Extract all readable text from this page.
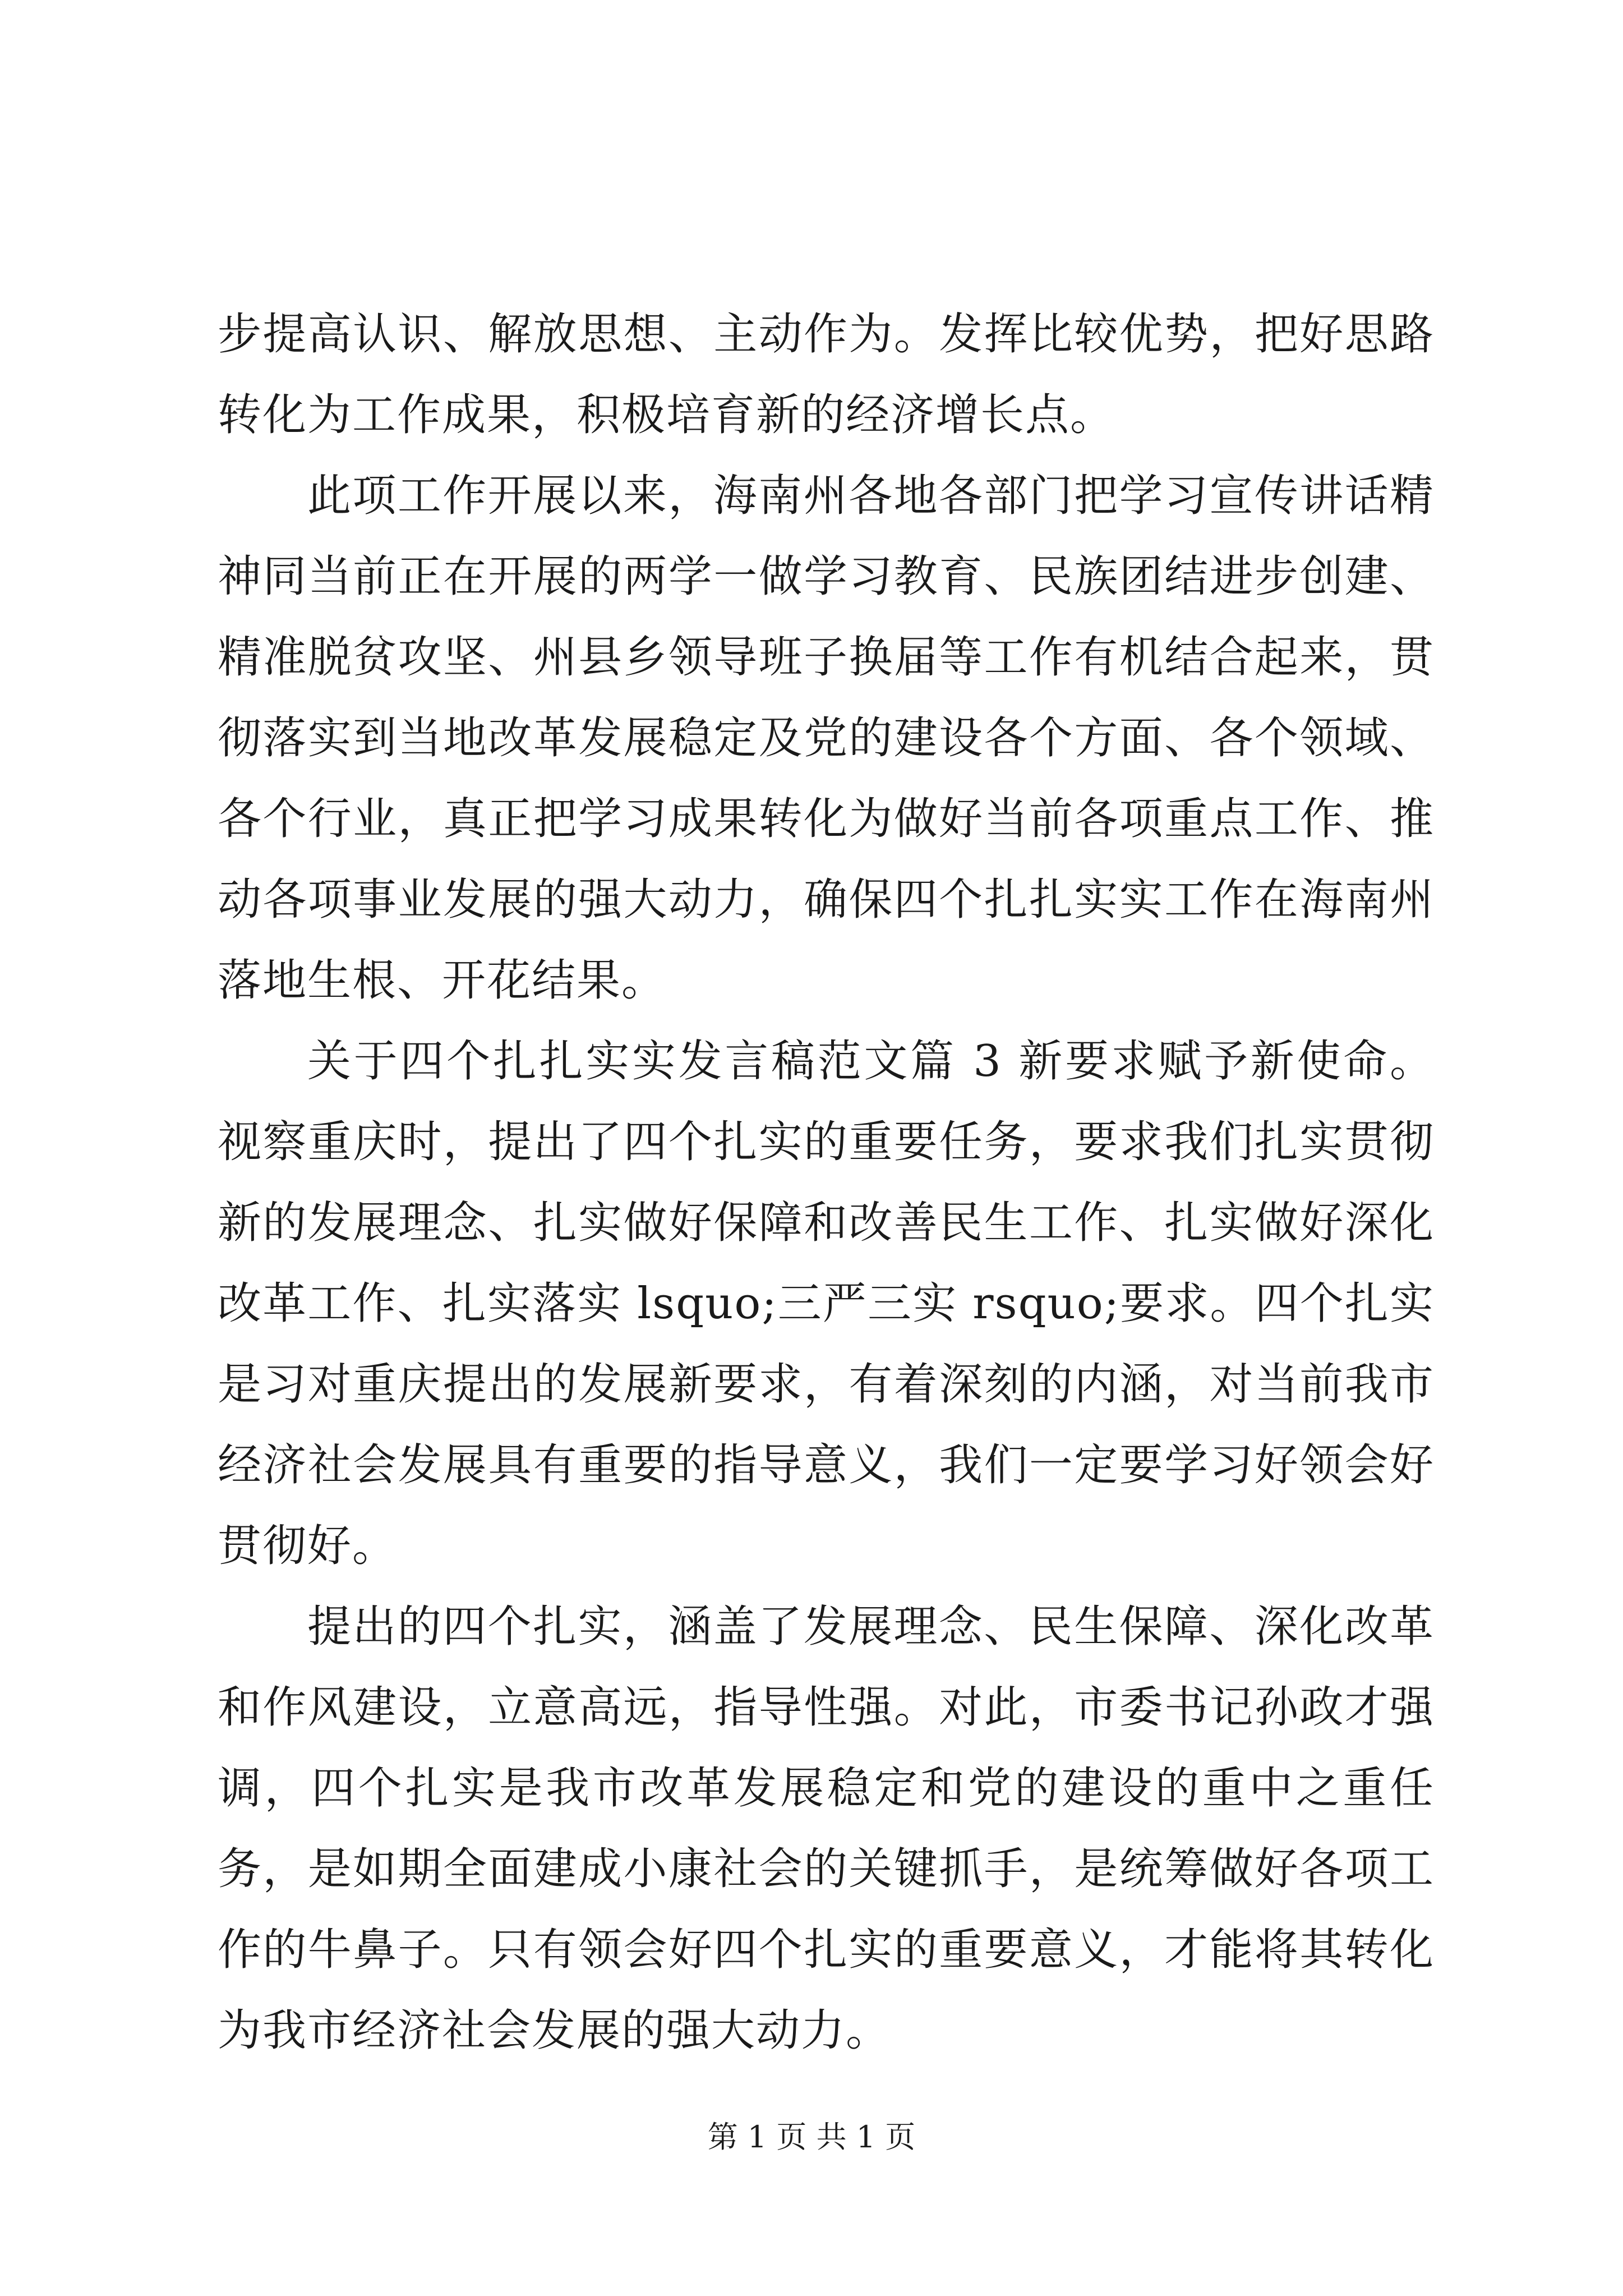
步提高认识、解放思想、主动作为。发挥比较优势，把好思路转化为工作成果，积极培育新的经济增长点。

此项工作开展以来，海南州各地各部门把学习宣传讲话精神同当前正在开展的两学一做学习教育、民族团结进步创建、精准脱贫攻坚、州县乡领导班子换届等工作有机结合起来，贯彻落实到当地改革发展稳定及党的建设各个方面、各个领域、各个行业，真正把学习成果转化为做好当前各项重点工作、推动各项事业发展的强大动力，确保四个扎扎实实工作在海南州落地生根、开花结果。

关于四个扎扎实实发言稿范文篇 3 新要求赋予新使命。视察重庆时，提出了四个扎实的重要任务，要求我们扎实贯彻新的发展理念、扎实做好保障和改善民生工作、扎实做好深化改革工作、扎实落实 lsquo;三严三实 rsquo;要求。四个扎实是习对重庆提出的发展新要求，有着深刻的内涵，对当前我市经济社会发展具有重要的指导意义，我们一定要学习好领会好贯彻好。

提出的四个扎实，涵盖了发展理念、民生保障、深化改革和作风建设，立意高远，指导性强。对此，市委书记孙政才强调，四个扎实是我市改革发展稳定和党的建设的重中之重任务，是如期全面建成小康社会的关键抓手，是统筹做好各项工作的牛鼻子。只有领会好四个扎实的重要意义，才能将其转化为我市经济社会发展的强大动力。

第 1 页 共 1 页
